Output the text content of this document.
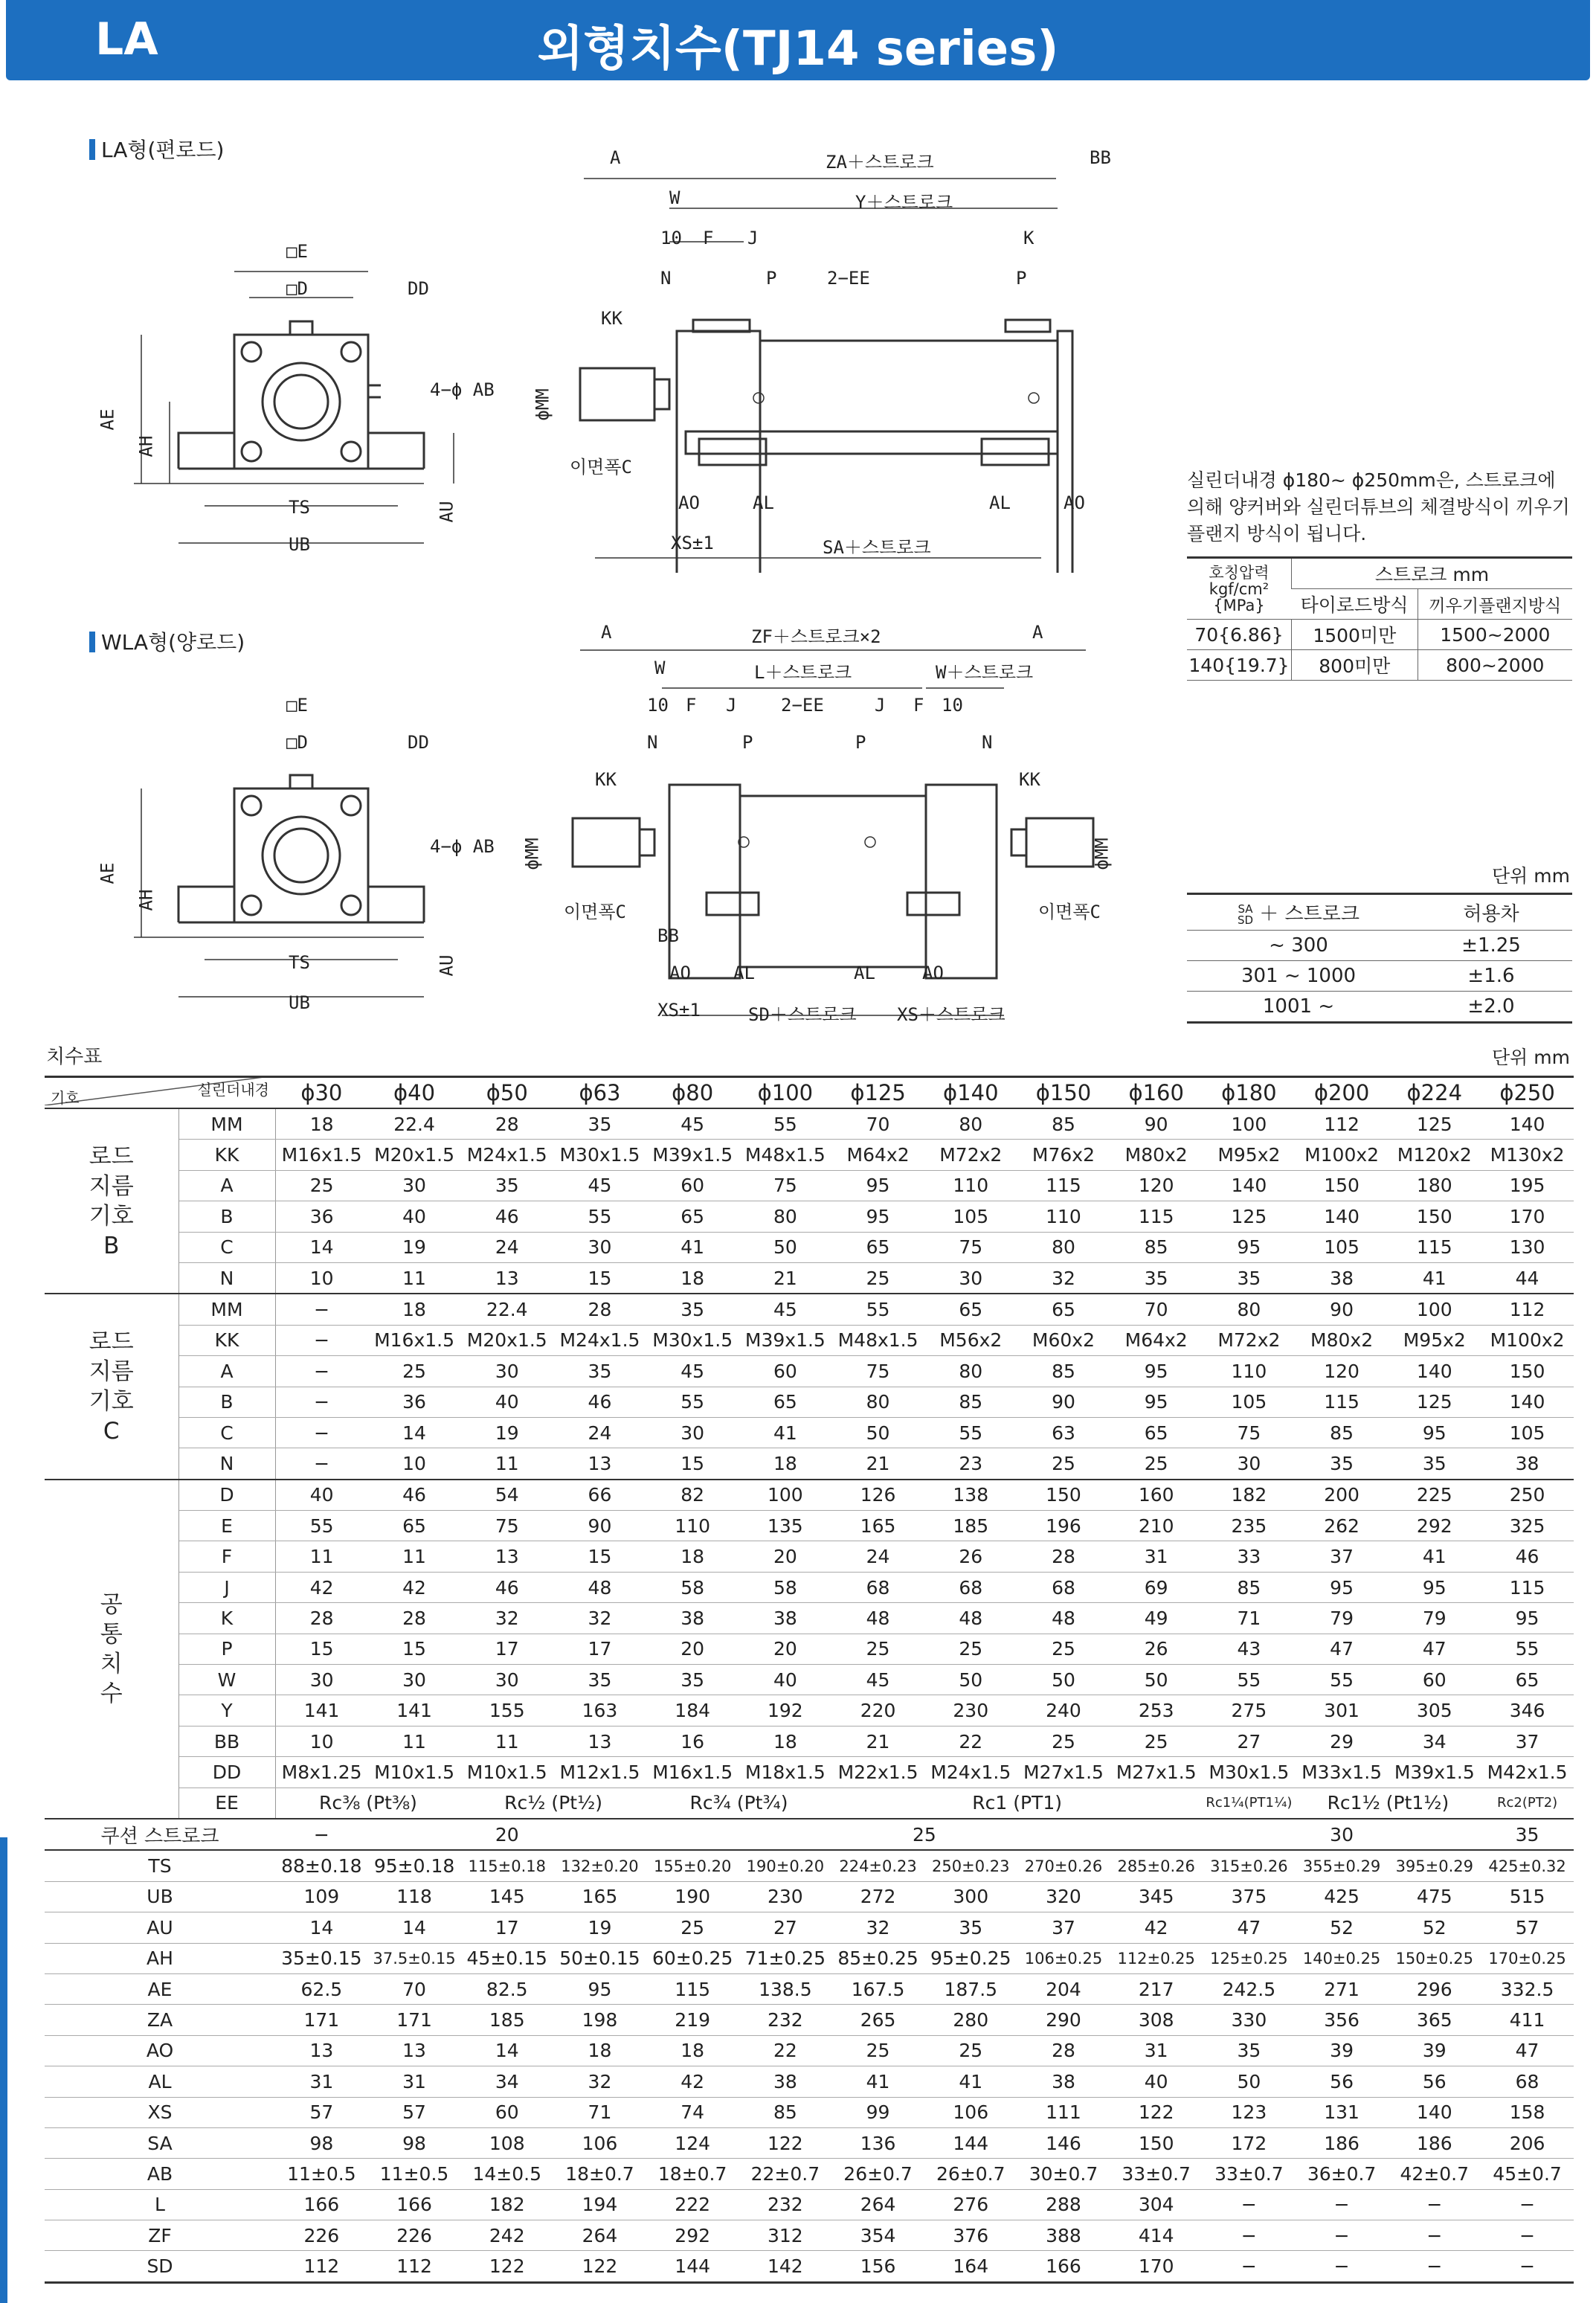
LA	외형치수(TJ14 series)
LA형(편로드)
WLA형(양로드)
□E
□D	DD
4−ϕ AB
AE
AH
TS
UB
AU
A	ZA＋스트로크	BB
W	Y＋스트로크
10 F J	K
N	P	2−EE	P
KK
ϕMM
이면폭C
AO	AL	AL	AO
XS±1	SA＋스트로크
□E
□D	DD
4−ϕ AB
AE
AH
TS
UB
AU
A	ZF＋스트로크×2	A
W	L＋스트로크	W＋스트로크
10 F J 2−EE	J F 10
N	P	P	N
KK	KK
ϕMM	ϕMM
이면폭C	이면폭C
BB
AO AL	AL	AO
XS±1	SD＋스트로크 XS＋스트로크
실린더내경 ϕ180~ ϕ250mm은, 스트로크에 의해 양커버와 실린더튜브의 체결방식이 끼우기 플랜지 방식이 됩니다.
호칭압력
kgf/cm²
{MPa}	스트로크 mm	
	타이로드방식	끼우기플랜지방식
70{6.86}	1500미만	1500~2000
140{19.7}	800미만	800~2000
단위 mm
SA
SD ＋ 스트로크	허용차
~ 300	±1.25
301 ~ 1000	±1.6
1001 ~	±2.0
치수표	단위 mm
실린더내경
기호		ϕ30	ϕ40	ϕ50	ϕ63	ϕ80	ϕ100	ϕ125	ϕ140	ϕ150	ϕ160	ϕ180	ϕ200	ϕ224	ϕ250
로드
지름
기호
B	MM	18	22.4	28	35	45	55	70	80	85	90	100	112	125	140
	KK	M16x1.5	M20x1.5	M24x1.5	M30x1.5	M39x1.5	M48x1.5	M64x2	M72x2	M76x2	M80x2	M95x2	M100x2	M120x2	M130x2
	A	25	30	35	45	60	75	95	110	115	120	140	150	180	195
	B	36	40	46	55	65	80	95	105	110	115	125	140	150	170
	C	14	19	24	30	41	50	65	75	80	85	95	105	115	130
	N	10	11	13	15	18	21	25	30	32	35	35	38	41	44
로드
지름
기호
C	MM	−	18	22.4	28	35	45	55	65	65	70	80	90	100	112
	KK	−	M16x1.5	M20x1.5	M24x1.5	M30x1.5	M39x1.5	M48x1.5	M56x2	M60x2	M64x2	M72x2	M80x2	M95x2	M100x2
	A	−	25	30	35	45	60	75	80	85	95	110	120	140	150
	B	−	36	40	46	55	65	80	85	90	95	105	115	125	140
	C	−	14	19	24	30	41	50	55	63	65	75	85	95	105
	N	−	10	11	13	15	18	21	23	25	25	30	35	35	38
공
통
치
수	D	40	46	54	66	82	100	126	138	150	160	182	200	225	250
	E	55	65	75	90	110	135	165	185	196	210	235	262	292	325
	F	11	11	13	15	18	20	24	26	28	31	33	37	41	46
	J	42	42	46	48	58	58	68	68	68	69	85	95	95	115
	K	28	28	32	32	38	38	48	48	48	49	71	79	79	95
	P	15	15	17	17	20	20	25	25	25	26	43	47	47	55
	W	30	30	30	35	35	40	45	50	50	50	55	55	60	65
	Y	141	141	155	163	184	192	220	230	240	253	275	301	305	346
	BB	10	11	11	13	16	18	21	22	25	25	27	29	34	37
	DD	M8x1.25	M10x1.5	M10x1.5	M12x1.5	M16x1.5	M18x1.5	M22x1.5	M24x1.5	M27x1.5	M27x1.5	M30x1.5	M33x1.5	M39x1.5	M42x1.5
	EE	Rc⅜ (Pt⅜)		Rc½ (Pt½)		Rc¾ (Pt¾)		Rc1 (PT1)				Rc1¼(PT1¼)	Rc1½ (Pt1½)		Rc2(PT2)
쿠션 스트로크		−	20			25						30			35
TS		88±0.18	95±0.18	115±0.18	132±0.20	155±0.20	190±0.20	224±0.23	250±0.23	270±0.26	285±0.26	315±0.26	355±0.29	395±0.29	425±0.32
UB		109	118	145	165	190	230	272	300	320	345	375	425	475	515
AU		14	14	17	19	25	27	32	35	37	42	47	52	52	57
AH		35±0.15	37.5±0.15	45±0.15	50±0.15	60±0.25	71±0.25	85±0.25	95±0.25	106±0.25	112±0.25	125±0.25	140±0.25	150±0.25	170±0.25
AE		62.5	70	82.5	95	115	138.5	167.5	187.5	204	217	242.5	271	296	332.5
ZA		171	171	185	198	219	232	265	280	290	308	330	356	365	411
AO		13	13	14	18	18	22	25	25	28	31	35	39	39	47
AL		31	31	34	32	42	38	41	41	38	40	50	56	56	68
XS		57	57	60	71	74	85	99	106	111	122	123	131	140	158
SA		98	98	108	106	124	122	136	144	146	150	172	186	186	206
AB		11±0.5	11±0.5	14±0.5	18±0.7	18±0.7	22±0.7	26±0.7	26±0.7	30±0.7	33±0.7	33±0.7	36±0.7	42±0.7	45±0.7
L		166	166	182	194	222	232	264	276	288	304	−	−	−	−
ZF		226	226	242	264	292	312	354	376	388	414	−	−	−	−
SD		112	112	122	122	144	142	156	164	166	170	−	−	−	−
